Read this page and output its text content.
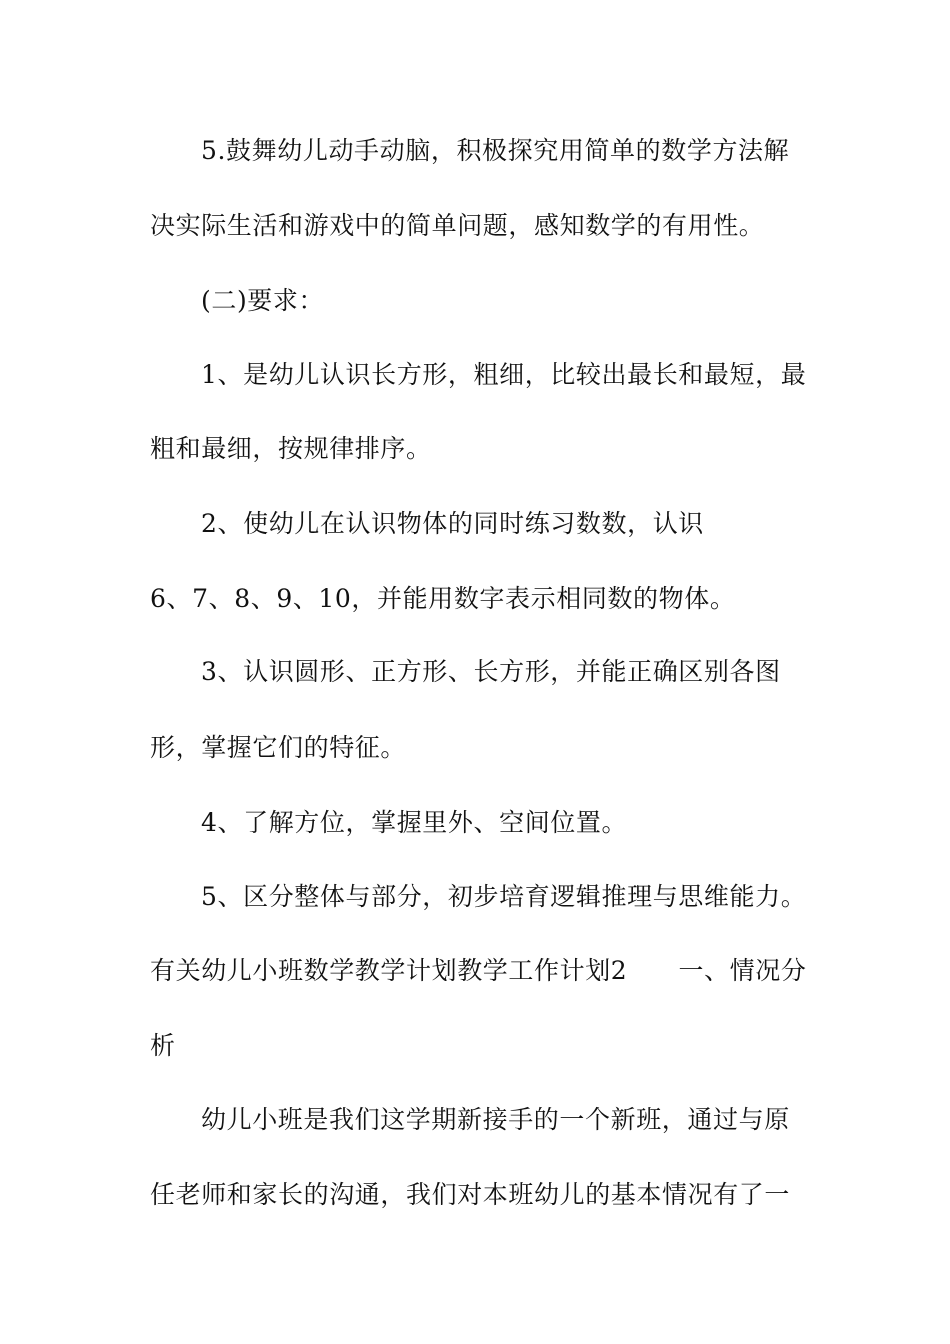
5.鼓舞幼儿动手动脑，积极探究用简单的数学方法解
决实际生活和游戏中的简单问题，感知数学的有用性。
(二)要求：
1、是幼儿认识长方形，粗细，比较出最长和最短，最
粗和最细，按规律排序。
2、使幼儿在认识物体的同时练习数数，认识
6、7、8、9、10，并能用数字表示相同数的物体。
3、认识圆形、正方形、长方形，并能正确区别各图
形，掌握它们的特征。
4、了解方位，掌握里外、空间位置。
5、区分整体与部分，初步培育逻辑推理与思维能力。
有关幼儿小班数学教学计划教学工作计划2　　一、情况分
析
幼儿小班是我们这学期新接手的一个新班，通过与原
任老师和家长的沟通，我们对本班幼儿的基本情况有了一
